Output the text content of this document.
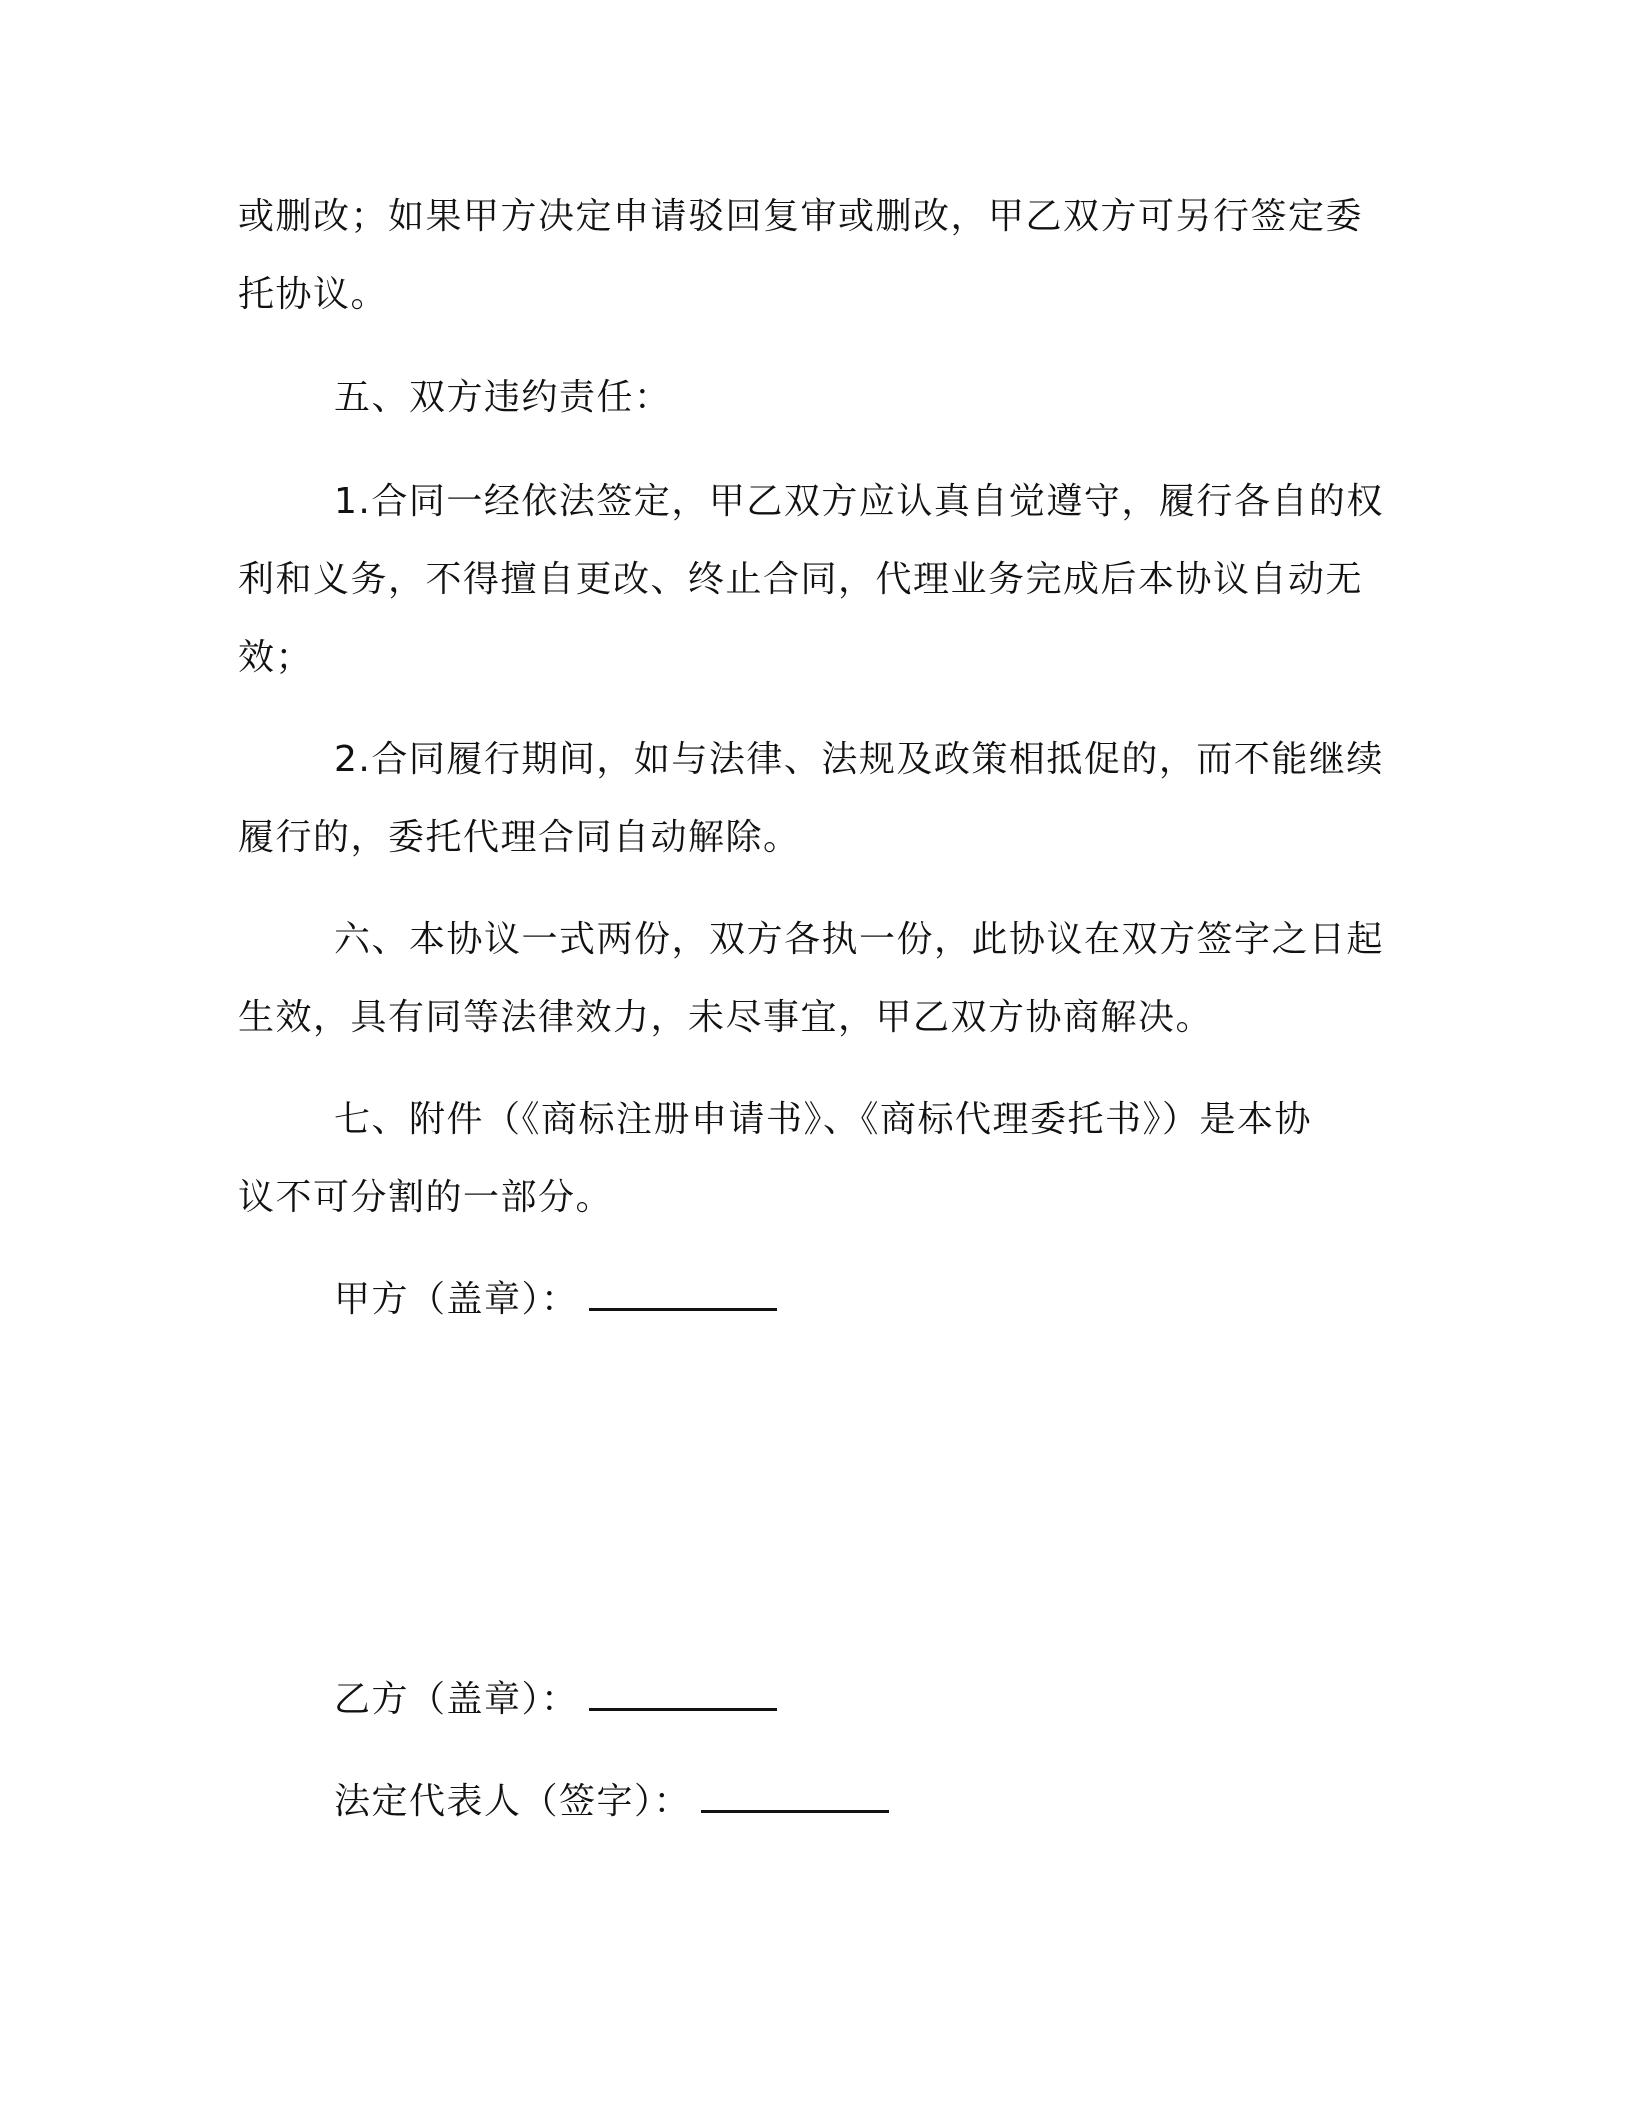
或删改；如果甲方决定申请驳回复审或删改，甲乙双方可另行签定委
托协议。
五、双方违约责任：
1.合同一经依法签定，甲乙双方应认真自觉遵守，履行各自的权
利和义务，不得擅自更改、终止合同，代理业务完成后本协议自动无
效；
2.合同履行期间，如与法律、法规及政策相抵促的，而不能继续
履行的，委托代理合同自动解除。
六、本协议一式两份，双方各执一份，此协议在双方签字之日起
生效，具有同等法律效力，未尽事宜，甲乙双方协商解决。
七、附件（《商标注册申请书》、《商标代理委托书》）是本协
议不可分割的一部分。
甲方（盖章）：
乙方（盖章）：
法定代表人（签字）：
